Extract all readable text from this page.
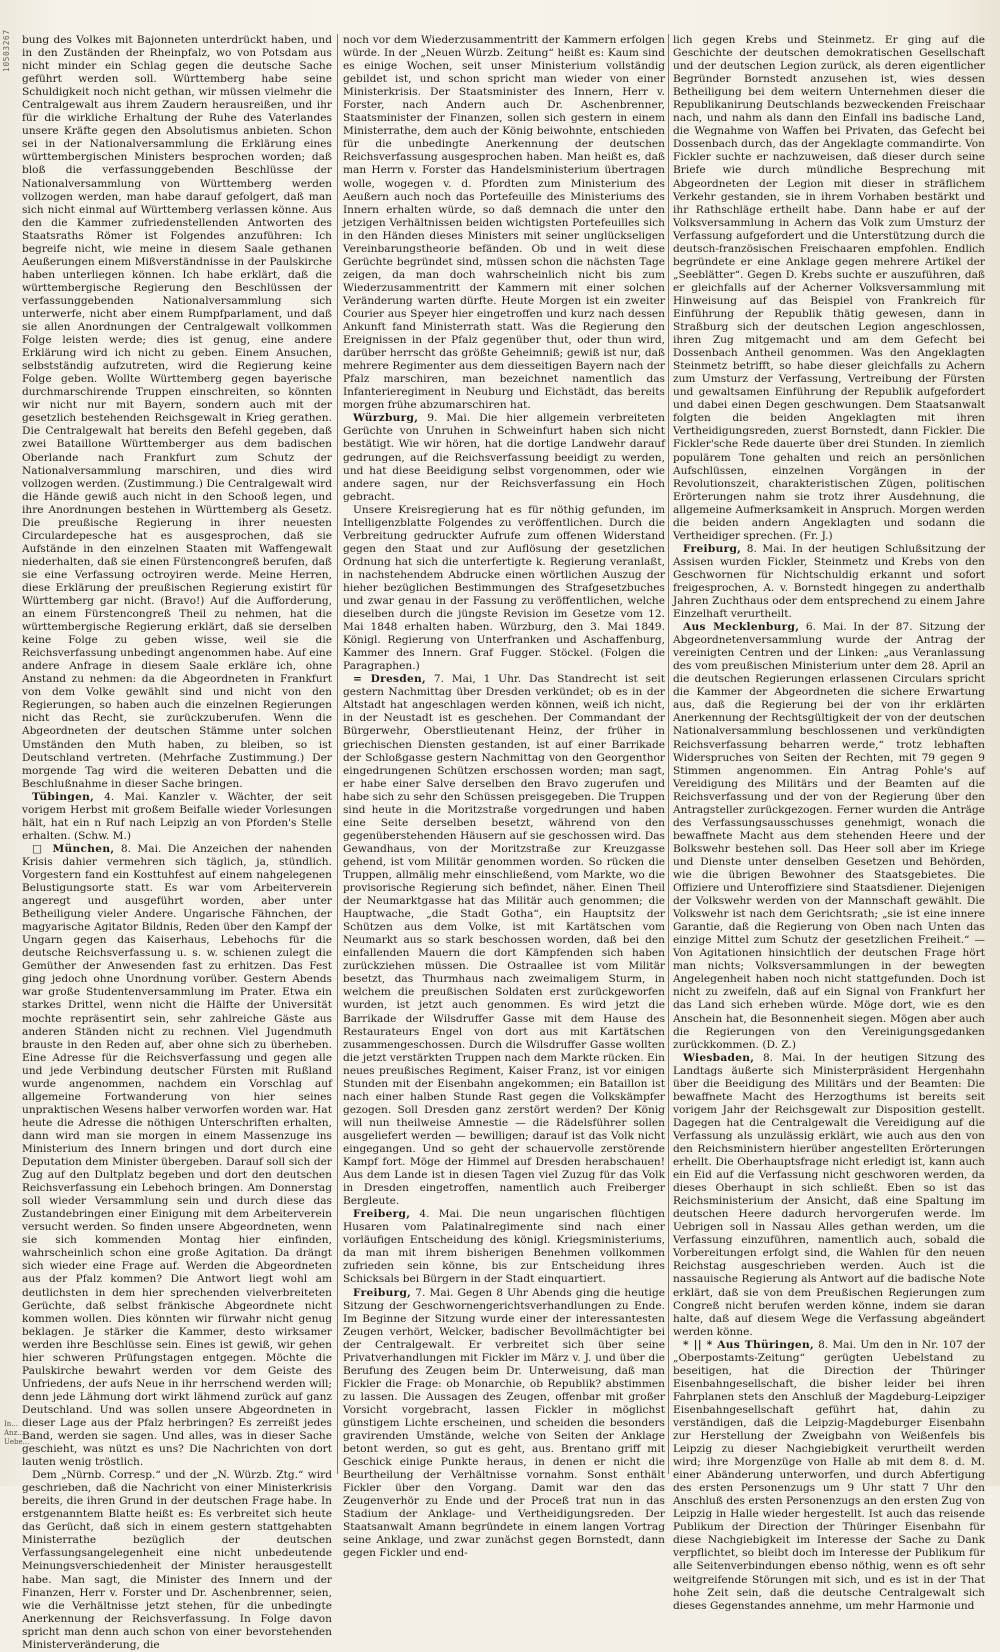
10503267 bung des Volkes mit Bajonneten unterdrückt haben, und in den Zuständen der Rheinpfalz, wo von Potsdam aus nicht minder ein Schlag gegen die deutsche Sache geführt werden soll. Württemberg habe seine Schuldigkeit noch nicht gethan, wir müssen vielmehr die Centralgewalt aus ihrem Zaudern herausreißen, und ihr für die wirkliche Erhaltung der Ruhe des Vaterlandes unsere Kräfte gegen den Absolutismus anbieten. Schon sei in der Nationalversammlung die Erklärung eines württembergischen Ministers besprochen worden; daß bloß die verfassunggebenden Beschlüsse der Nationalversammlung von Württemberg werden vollzogen werden, man habe darauf gefolgert, daß man sich nicht einmal auf Württemberg verlassen könne. Aus den die Kammer zufriedenstellenden Antworten des Staatsraths Römer ist Folgendes anzuführen: Ich begreife nicht, wie meine in diesem Saale gethanen Aeußerungen einem Mißverständnisse in der Paulskirche haben unterliegen können. Ich habe erklärt, daß die württembergische Regierung den Beschlüssen der verfassunggebenden Nationalversammlung sich unterwerfe, nicht aber einem Rumpfparlament, und daß sie allen Anordnungen der Centralgewalt vollkommen Folge leisten werde; dies ist genug, eine andere Erklärung wird ich nicht zu geben. Einem Ansuchen, selbstständig aufzutreten, wird die Regierung keine Folge geben. Wollte Württemberg gegen bayerische durchmarschirende Truppen einschreiten, so könnten wir nicht nur mit Bayern, sondern auch mit der gesetzlich bestehenden Reichsgewalt in Krieg gerathen. Die Centralgewalt hat bereits den Befehl gegeben, daß zwei Bataillone Württemberger aus dem badischen Oberlande nach Frankfurt zum Schutz der Nationalversammlung marschiren, und dies wird vollzogen werden. (Zustimmung.) Die Centralgewalt wird die Hände gewiß auch nicht in den Schooß legen, und ihre Anordnungen bestehen in Württemberg als Gesetz. Die preußische Regierung in ihrer neuesten Circulardepesche hat es ausgesprochen, daß sie Aufstände in den einzelnen Staaten mit Waffengewalt niederhalten, daß sie einen Fürstencongreß berufen, daß sie eine Verfassung octroyiren werde. Meine Herren, diese Erklärung der preußischen Regierung existirt für Württemberg gar nicht. (Bravo!) Auf die Aufforderung, an einem Fürstencongreß Theil zu nehmen, hat die württembergische Regierung erklärt, daß sie derselben keine Folge zu geben wisse, weil sie die Reichsverfassung unbedingt angenommen habe. Auf eine andere Anfrage in diesem Saale erkläre ich, ohne Anstand zu nehmen: da die Abgeordneten in Frankfurt von dem Volke gewählt sind und nicht von den Regierungen, so haben auch die einzelnen Regierungen nicht das Recht, sie zurückzuberufen. Wenn die Abgeordneten der deutschen Stämme unter solchen Umständen den Muth haben, zu bleiben, so ist Deutschland vertreten. (Mehrfache Zustimmung.) Der morgende Tag wird die weiteren Debatten und die Beschlußnahme in dieser Sache bringen.

Tübingen, 4. Mai. Kanzler v. Wächter, der seit vorigem Herbst mit großem Beifalle wieder Vorlesungen hält, hat ein n Ruf nach Leipzig an von Pforden's Stelle erhalten. (Schw. M.)

□ München, 8. Mai. Die Anzeichen der nahenden Krisis dahier vermehren sich täglich, ja, stündlich. Vorgestern fand ein Kosttuhfest auf einem nahgelegenen Belustigungsorte statt. Es war vom Arbeiterverein angeregt und ausgeführt worden, aber unter Betheiligung vieler Andere. Ungarische Fähnchen, der magyarische Agitator Bildnis, Reden über den Kampf der Ungarn gegen das Kaiserhaus, Lebehochs für die deutsche Reichsverfassung u. s. w. schienen zulegt die Gemüther der Anwesenden fast zu erhitzen. Das Fest ging jedoch ohne Unordnung vorüber. Gestern Abends war große Studentenversammlung im Prater. Etwa ein starkes Drittel, wenn nicht die Hälfte der Universität mochte repräsentirt sein, sehr zahlreiche Gäste aus anderen Ständen nicht zu rechnen. Viel Jugendmuth brauste in den Reden auf, aber ohne sich zu überheben. Eine Adresse für die Reichsverfassung und gegen alle und jede Verbindung deutscher Fürsten mit Rußland wurde angenommen, nachdem ein Vorschlag auf allgemeine Fortwanderung von hier seines unpraktischen Wesens halber verworfen worden war. Hat heute die Adresse die nöthigen Unterschriften erhalten, dann wird man sie morgen in einem Massenzuge ins Ministerium des Innern bringen und dort durch eine Deputation dem Minister übergeben. Darauf soll sich der Zug auf den Dultplatz begeben und dort den deutschen Reichsverfassung ein Lebehoch bringen. Am Donnerstag soll wieder Versammlung sein und durch diese das Zustandebringen einer Einigung mit dem Arbeiterverein versucht werden. So finden unsere Abgeordneten, wenn sie sich kommenden Montag hier einfinden, wahrscheinlich schon eine große Agitation. Da drängt sich wieder eine Frage auf. Werden die Abgeordneten aus der Pfalz kommen? Die Antwort liegt wohl am deutlichsten in dem hier sprechenden vielverbreiteten Gerüchte, daß selbst fränkische Abgeordnete nicht kommen wollen. Dies könnten wir fürwahr nicht genug beklagen. Je stärker die Kammer, desto wirksamer werden ihre Beschlüsse sein. Eines ist gewiß, wir gehen hier schweren Prüfungstagen entgegen. Möchte die Paulskirche bewahrt werden vor dem Geiste des Unfriedens, der aufs Neue in ihr herrschend werden will; denn jede Lähmung dort wirkt lähmend zurück auf ganz Deutschland. Und was sollen unsere Abgeordneten in dieser Lage aus der Pfalz herbringen? Es zerreißt jedes Band, werden sie sagen. Und alles, was in dieser Sache geschieht, was nützt es uns? Die Nachrichten von dort lauten wenig tröstlich.

Dem „Nürnb. Corresp.“ und der „N. Würzb. Ztg.“ wird geschrieben, daß die Nachricht von einer Ministerkrisis bereits, die ihren Grund in der deutschen Frage habe. In erstgenanntem Blatte heißt es: Es verbreitet sich heute das Gerücht, daß sich in einem gestern stattgehabten Ministerrathe bezüglich der deutschen Verfassungsangelegenheit eine nicht unbedeutende Meinungsverschiedenheit der Minister herausgestellt habe. Man sagt, die Minister des Innern und der Finanzen, Herr v. Forster und Dr. Aschenbrenner, seien, wie die Verhältnisse jetzt stehen, für die unbedingte Anerkennung der Reichsverfassung. In Folge davon spricht man denn auch schon von einer bevorstehenden Ministerveränderung, die

noch vor dem Wiederzusammentritt der Kammern erfolgen würde. In der „Neuen Würzb. Zeitung“ heißt es: Kaum sind es einige Wochen, seit unser Ministerium vollständig gebildet ist, und schon spricht man wieder von einer Ministerkrisis. Der Staatsminister des Innern, Herr v. Forster, nach Andern auch Dr. Aschenbrenner, Staatsminister der Finanzen, sollen sich gestern in einem Ministerrathe, dem auch der König beiwohnte, entschieden für die unbedingte Anerkennung der deutschen Reichsverfassung ausgesprochen haben. Man heißt es, daß man Herrn v. Forster das Handelsministerium übertragen wolle, wogegen v. d. Pfordten zum Ministerium des Aeußern auch noch das Portefeuille des Ministeriums des Innern erhalten würde, so daß demnach die unter den jetzigen Verhältnissen beiden wichtigsten Portefeuilles sich in den Händen dieses Ministers mit seiner unglückseligen Vereinbarungstheorie befänden. Ob und in weit diese Gerüchte begründet sind, müssen schon die nächsten Tage zeigen, da man doch wahrscheinlich nicht bis zum Wiederzusammentritt der Kammern mit einer solchen Veränderung warten dürfte. Heute Morgen ist ein zweiter Courier aus Speyer hier eingetroffen und kurz nach dessen Ankunft fand Ministerrath statt. Was die Regierung den Ereignissen in der Pfalz gegenüber thut, oder thun wird, darüber herrscht das größte Geheimniß; gewiß ist nur, daß mehrere Regimenter aus dem diesseitigen Bayern nach der Pfalz marschiren, man bezeichnet namentlich das Infanterieregiment in Neuburg und Eichstädt, das bereits morgen frühe abzumarschiren hat.

Würzburg, 9. Mai. Die hier allgemein verbreiteten Gerüchte von Unruhen in Schweinfurt haben sich nicht bestätigt. Wie wir hören, hat die dortige Landwehr darauf gedrungen, auf die Reichsverfassung beeidigt zu werden, und hat diese Beeidigung selbst vorgenommen, oder wie andere sagen, nur der Reichsverfassung ein Hoch gebracht.

Unsere Kreisregierung hat es für nöthig gefunden, im Intelligenzblatte Folgendes zu veröffentlichen. Durch die Verbreitung gedruckter Aufrufe zum offenen Widerstand gegen den Staat und zur Auflösung der gesetzlichen Ordnung hat sich die unterfertigte k. Regierung veranlaßt, in nachstehendem Abdrucke einen wörtlichen Auszug der hieher bezüglichen Bestimmungen des Strafgesetzbuches und zwar genau in der Fassung zu veröffentlichen, welche dieselben durch die jüngste Revision im Gesetze vom 12. Mai 1848 erhalten haben. Würzburg, den 3. Mai 1849. Königl. Regierung von Unterfranken und Aschaffenburg, Kammer des Innern. Graf Fugger. Stöckel. (Folgen die Paragraphen.)

= Dresden, 7. Mai, 1 Uhr. Das Standrecht ist seit gestern Nachmittag über Dresden verkündet; ob es in der Altstadt hat angeschlagen werden können, weiß ich nicht, in der Neustadt ist es geschehen. Der Commandant der Bürgerwehr, Oberstlieutenant Heinz, der früher in griechischen Diensten gestanden, ist auf einer Barrikade der Schloßgasse gestern Nachmittag von den Georgenthor eingedrungenen Schützen erschossen worden; man sagt, er habe einer Salve derselben den Bravo zugerufen und habe sich zu sehr den Schüssen preisgegeben. Die Truppen sind heute in die Moritzstraße vorgedrungen und haben eine Seite derselben besetzt, während von den gegenüberstehenden Häusern auf sie geschossen wird. Das Gewandhaus, von der Moritzstraße zur Kreuzgasse gehend, ist vom Militär genommen worden. So rücken die Truppen, allmälig mehr einschließend, vom Markte, wo die provisorische Regierung sich befindet, näher. Einen Theil der Neumarktgasse hat das Militär auch genommen; die Hauptwache, „die Stadt Gotha“, ein Hauptsitz der Schützen aus dem Volke, ist mit Kartätschen vom Neumarkt aus so stark beschossen worden, daß bei den einfallenden Mauern die dort Kämpfenden sich haben zurückziehen müssen. Die Ostraallee ist vom Militär besetzt, das Thurmhaus nach zweimaligem Sturm, in welchem die preußischen Soldaten erst zurückgeworfen wurden, ist jetzt auch genommen. Es wird jetzt die Barrikade der Wilsdruffer Gasse mit dem Hause des Restaurateurs Engel von dort aus mit Kartätschen zusammengeschossen. Durch die Wilsdruffer Gasse wollten die jetzt verstärkten Truppen nach dem Markte rücken. Ein neues preußisches Regiment, Kaiser Franz, ist vor einigen Stunden mit der Eisenbahn angekommen; ein Bataillon ist nach einer halben Stunde Rast gegen die Volkskämpfer gezogen. Soll Dresden ganz zerstört werden? Der König will nun theilweise Amnestie — die Rädelsführer sollen ausgeliefert werden — bewilligen; darauf ist das Volk nicht eingegangen. Und so geht der schauervolle zerstörende Kampf fort. Möge der Himmel auf Dresden herabschauen! Aus dem Lande ist in diesen Tagen viel Zuzug für das Volk in Dresden eingetroffen, namentlich auch Freiberger Bergleute.

Freiberg, 4. Mai. Die neun ungarischen flüchtigen Husaren vom Palatinalregimente sind nach einer vorläufigen Entscheidung des königl. Kriegsministeriums, da man mit ihrem bisherigen Benehmen vollkommen zufrieden sein könne, bis zur Entscheidung ihres Schicksals bei Bürgern in der Stadt einquartiert.

Freiburg, 7. Mai. Gegen 8 Uhr Abends ging die heutige Sitzung der Geschwornengerichtsverhandlungen zu Ende. Im Beginne der Sitzung wurde einer der interessantesten Zeugen verhört, Welcker, badischer Bevollmächtigter bei der Centralgewalt. Er verbreitet sich über seine Privatverhandlungen mit Fickler im März v. J. und über die Berufung des Zeugen beim Dr. Unterweisung, daß man Fickler die Frage: ob Monarchie, ob Republik? abstimmen zu lassen. Die Aussagen des Zeugen, offenbar mit großer Vorsicht vorgebracht, lassen Fickler in möglichst günstigem Lichte erscheinen, und scheiden die besonders gravirenden Umstände, welche von Seiten der Anklage betont werden, so gut es geht, aus. Brentano griff mit Geschick einige Punkte heraus, in denen er nicht die Beurtheilung der Verhältnisse vornahm. Sonst enthält Fickler über den Vorgang. Damit war den das Zeugenverhör zu Ende und der Proceß trat nun in das Stadium der Anklage- und Vertheidigungsreden. Der Staatsanwalt Amann begründete in einem langen Vortrag seine Anklage, und zwar zunächst gegen Bornstedt, dann gegen Fickler und end-

lich gegen Krebs und Steinmetz. Er ging auf die Geschichte der deutschen demokratischen Gesellschaft und der deutschen Legion zurück, als deren eigentlicher Begründer Bornstedt anzusehen ist, wies dessen Betheiligung bei dem weitern Unternehmen dieser die Republikanirung Deutschlands bezweckenden Freischaar nach, und nahm als dann den Einfall ins badische Land, die Wegnahme von Waffen bei Privaten, das Gefecht bei Dossenbach durch, das der Angeklagte commandirte. Von Fickler suchte er nachzuweisen, daß dieser durch seine Briefe wie durch mündliche Besprechung mit Abgeordneten der Legion mit dieser in sträflichem Verkehr gestanden, sie in ihrem Vorhaben bestärkt und ihr Rathschläge ertheilt habe. Dann habe er auf der Volksversammlung in Achern das Volk zum Umsturz der Verfassung aufgefordert und die Unterstützung durch die deutsch-französischen Freischaaren empfohlen. Endlich begründete er eine Anklage gegen mehrere Artikel der „Seeblätter“. Gegen D. Krebs suchte er auszuführen, daß er gleichfalls auf der Acherner Volksversammlung mit Hinweisung auf das Beispiel von Frankreich für Einführung der Republik thätig gewesen, dann in Straßburg sich der deutschen Legion angeschlossen, ihren Zug mitgemacht und am dem Gefecht bei Dossenbach Antheil genommen. Was den Angeklagten Steinmetz betrifft, so habe dieser gleichfalls zu Achern zum Umsturz der Verfassung, Vertreibung der Fürsten und gewaltsamen Einführung der Republik aufgefordert und dabei einen Degen geschwungen. Dem Staatsanwalt folgten die beiden Angeklagten mit ihren Vertheidigungsreden, zuerst Bornstedt, dann Fickler. Die Fickler'sche Rede dauerte über drei Stunden. In ziemlich populärem Tone gehalten und reich an persönlichen Aufschlüssen, einzelnen Vorgängen in der Revolutionszeit, charakteristischen Zügen, politischen Erörterungen nahm sie trotz ihrer Ausdehnung, die allgemeine Aufmerksamkeit in Anspruch. Morgen werden die beiden andern Angeklagten und sodann die Vertheidiger sprechen. (Fr. J.)

Freiburg, 8. Mai. In der heutigen Schlußsitzung der Assisen wurden Fickler, Steinmetz und Krebs von den Geschwornen für Nichtschuldig erkannt und sofort freigesprochen, A. v. Bornstedt hingegen zu anderthalb Jahren Zuchthaus oder dem entsprechend zu einem Jahre Einzelhaft verurtheilt.

Aus Mecklenburg, 6. Mai. In der 87. Sitzung der Abgeordnetenversammlung wurde der Antrag der vereinigten Centren und der Linken: „aus Veranlassung des vom preußischen Ministerium unter dem 28. April an die deutschen Regierungen erlassenen Circulars spricht die Kammer der Abgeordneten die sichere Erwartung aus, daß die Regierung bei der von ihr erklärten Anerkennung der Rechtsgültigkeit der von der deutschen Nationalversammlung beschlossenen und verkündigten Reichsverfassung beharren werde,“ trotz lebhaften Widerspruches von Seiten der Rechten, mit 79 gegen 9 Stimmen angenommen. Ein Antrag Pohle's auf Vereidigung des Militärs und der Beamten auf die Reichsverfassung und der von der Regierung über den Antragsteller zurückgezogen. Ferner wurden die Anträge des Verfassungsausschusses genehmigt, wonach die bewaffnete Macht aus dem stehenden Heere und der Bolkswehr bestehen soll. Das Heer soll aber im Kriege und Dienste unter denselben Gesetzen und Behörden, wie die übrigen Bewohner des Staatsgebietes. Die Offiziere und Unteroffiziere sind Staatsdiener. Diejenigen der Volkswehr werden von der Mannschaft gewählt. Die Volkswehr ist nach dem Gerichtsrath; „sie ist eine innere Garantie, daß die Regierung von Oben nach Unten das einzige Mittel zum Schutz der gesetzlichen Freiheit.“ — Von Agitationen hinsichtlich der deutschen Frage hört man nichts; Volksversammlungen in der bewegten Angelegenheit haben noch nicht stattgefunden. Doch ist nicht zu zweifeln, daß auf ein Signal von Frankfurt her das Land sich erheben würde. Möge dort, wie es den Anschein hat, die Besonnenheit siegen. Mögen aber auch die Regierungen von den Vereinigungsgedanken zurückkommen. (D. Z.)

Wiesbaden, 8. Mai. In der heutigen Sitzung des Landtags äußerte sich Ministerpräsident Hergenhahn über die Beeidigung des Militärs und der Beamten: Die bewaffnete Macht des Herzogthums ist bereits seit vorigem Jahr der Reichsgewalt zur Disposition gestellt. Dagegen hat die Centralgewalt die Vereidigung auf die Verfassung als unzulässig erklärt, wie auch aus den von den Reichsministern hierüber angestellten Erörterungen erhellt. Die Oberhauptsfrage nicht erledigt ist, kann auch ein Eid auf die Verfassung nicht geschworen werden, da dieses Oberhaupt in sich schließt. Eben so ist das Reichsministerium der Ansicht, daß eine Spaltung im deutschen Heere dadurch hervorgerufen werde. Im Uebrigen soll in Nassau Alles gethan werden, um die Verfassung einzuführen, namentlich auch, sobald die Vorbereitungen erfolgt sind, die Wahlen für den neuen Reichstag ausgeschrieben werden. Auch ist die nassauische Regierung als Antwort auf die badische Note erklärt, daß sie von dem Preußischen Regierungen zum Congreß nicht berufen werden könne, indem sie daran halte, daß auf diesem Wege die Verfassung abgeändert werden könne.

* || * Aus Thüringen, 8. Mai. Um den in Nr. 107 der „Oberpostamts-Zeitung“ gerügten Uebelstand zu beseitigen, hat die Direction der Thüringer Eisenbahngesellschaft, die bisher leider bei ihren Fahrplanen stets den Anschluß der Magdeburg-Leipziger Eisenbahngesellschaft geführt hat, dahin zu verständigen, daß die Leipzig-Magdeburger Eisenbahn zur Herstellung der Zweigbahn von Weißenfels bis Leipzig zu dieser Nachgiebigkeit verurtheilt werden wird; ihre Morgenzüge von Halle ab mit dem 8. d. M. einer Abänderung unterworfen, und durch Abfertigung des ersten Personenzugs um 9 Uhr statt 7 Uhr den Anschluß des ersten Personenzugs an den ersten Zug von Leipzig in Halle wieder hergestellt. Ist auch das reisende Publikum der Direction der Thüringer Eisenbahn für diese Nachgiebigkeit im Interesse der Sache zu Dank verpflichtet, so bleibt doch im Interesse der Publikum für alle Seitenverbindungen ebenso nöthig, wenn es oft sehr weitgreifende Störungen mit sich, und es ist in der That hohe Zeit sein, daß die deutsche Centralgewalt sich dieses Gegenstandes annehme, um mehr Harmonie und

In... Anz... Uebe...
